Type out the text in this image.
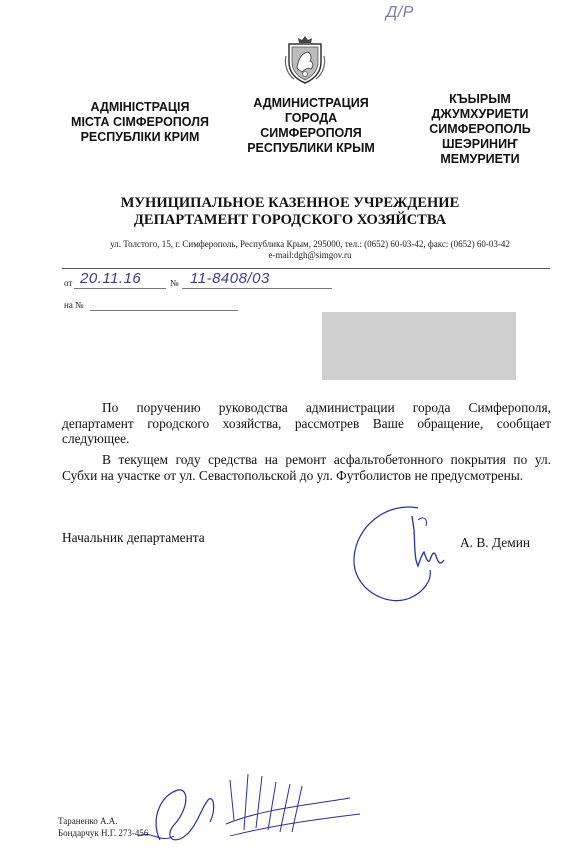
Д/Р
АДМІНІСТРАЦІЯ
МІСТА СІМФЕРОПОЛЯ
РЕСПУБЛІКИ КРИМ
АДМИНИСТРАЦИЯ
ГОРОДА
СИМФЕРОПОЛЯ
РЕСПУБЛИКИ КРЫМ
КЪЫРЫМ
ДЖУМХУРИЕТИ
СИМФЕРОПОЛЬ
ШЕЭРИНИҤ
МЕМУРИЕТИ
МУНИЦИПАЛЬНОЕ КАЗЕННОЕ УЧРЕЖДЕНИЕ
ДЕПАРТАМЕНТ ГОРОДСКОГО ХОЗЯЙСТВА
ул. Толстого, 15, г. Симферополь, Республика Крым, 295000, тел.: (0652) 60-03-42, факс: (0652) 60-03-42
e-mail:dgh@simgov.ru
от 20.11.16	№ 11-8408/03
на №
По поручению руководства администрации города Симферополя, департамент городского хозяйства, рассмотрев Ваше обращение, сообщает следующее.
В текущем году средства на ремонт асфальтобетонного покрытия по ул. Субхи на участке от ул. Севастопольской до ул. Футболистов не предусмотрены.
Начальник департамента	А. В. Демин
Тараненко А.А.
Бондарчук Н.Г. 273-456
